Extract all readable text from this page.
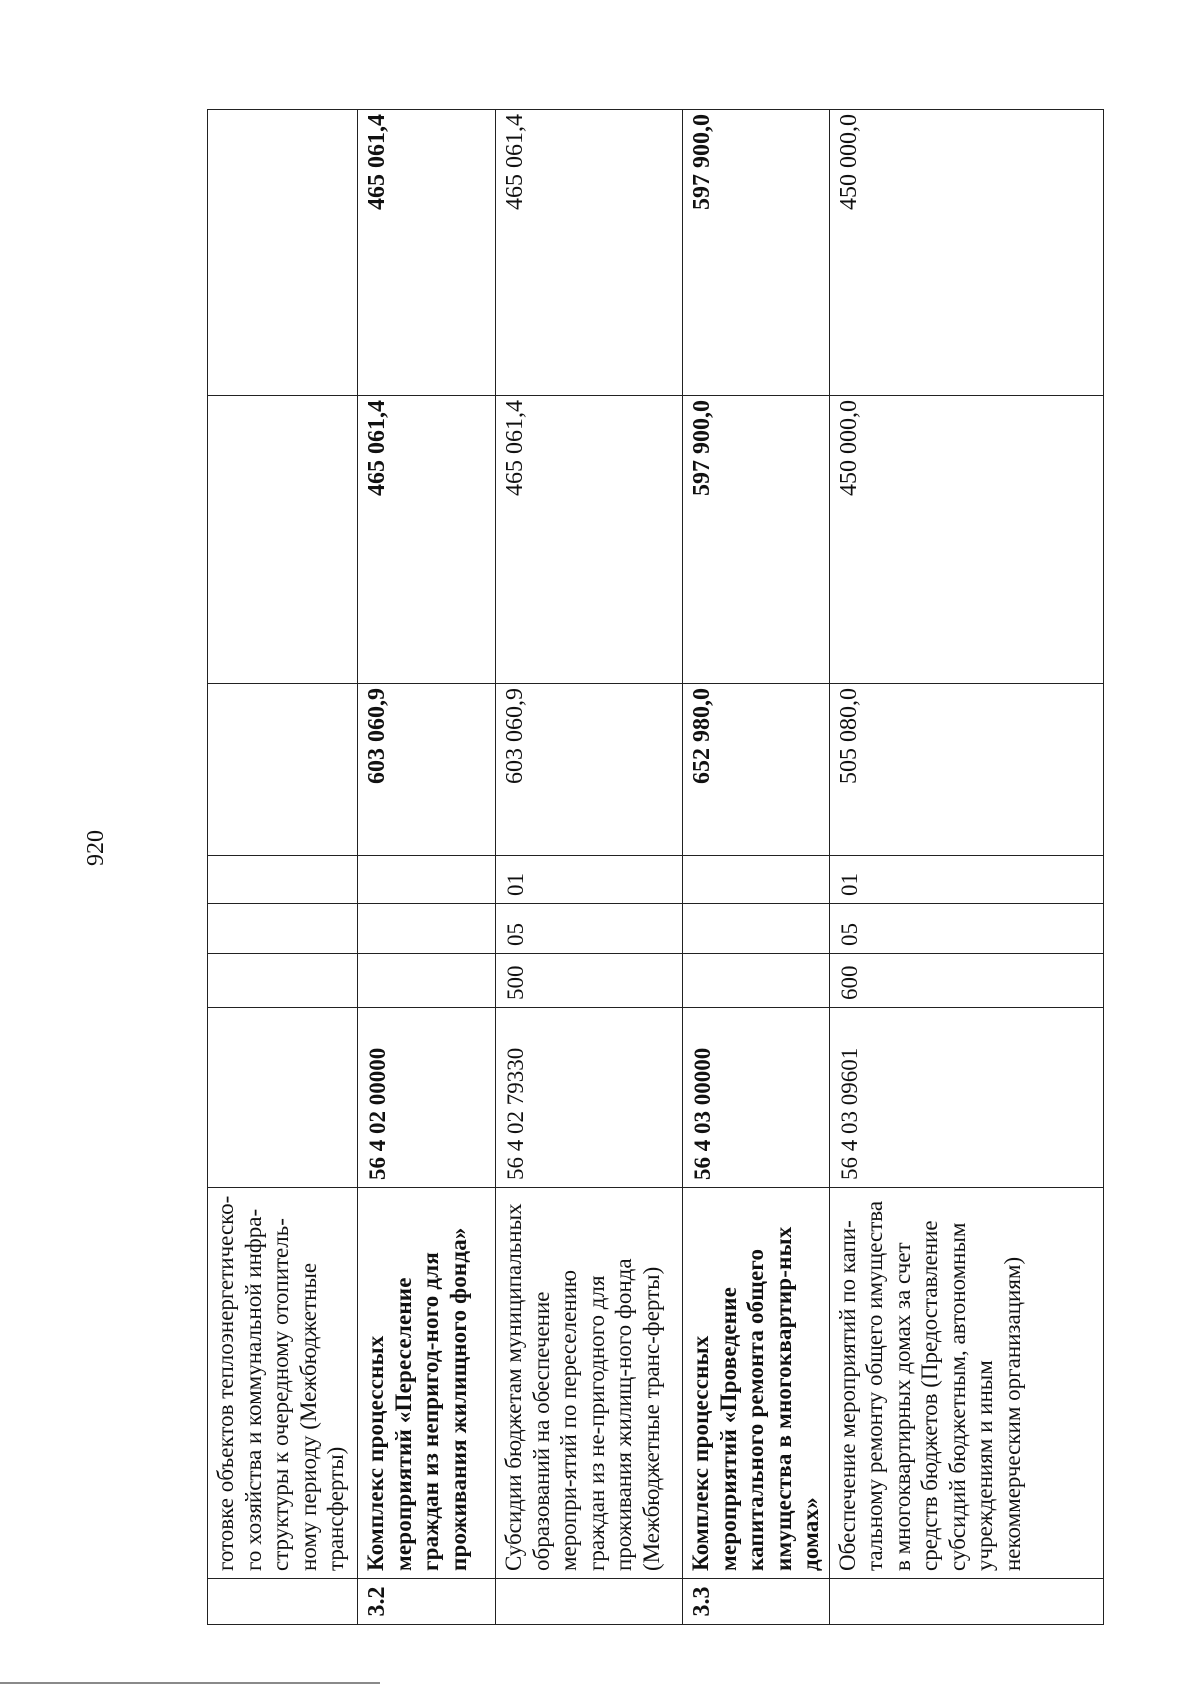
920
	готовке объектов теплоэнергетическо-го хозяйства и коммунальной инфра-структуры к очередному отопитель-ному периоду (Межбюджетные трансферты)							
3.2	Комплекс процессных мероприятий «Переселение граждан из непригод-ного для проживания жилищного фонда»	56 4 02 00000				603 060,9	465 061,4	465 061,4
	Субсидии бюджетам муниципальных образований на обеспечение меропри-ятий по переселению граждан из не-пригодного для проживания жилищ-ного фонда (Межбюджетные транс-ферты)	56 4 02 79330	500	05	01	603 060,9	465 061,4	465 061,4
3.3	Комплекс процессных мероприятий «Проведение капитального ремонта общего имущества в многоквартир-ных домах»	56 4 03 00000				652 980,0	597 900,0	597 900,0
	Обеспечение мероприятий по капи-тальному ремонту общего имущества в многоквартирных домах за счет средств бюджетов (Предоставление субсидий бюджетным, автономным учреждениям и иным некоммерческим организациям)	56 4 03 09601	600	05	01	505 080,0	450 000,0	450 000,0
